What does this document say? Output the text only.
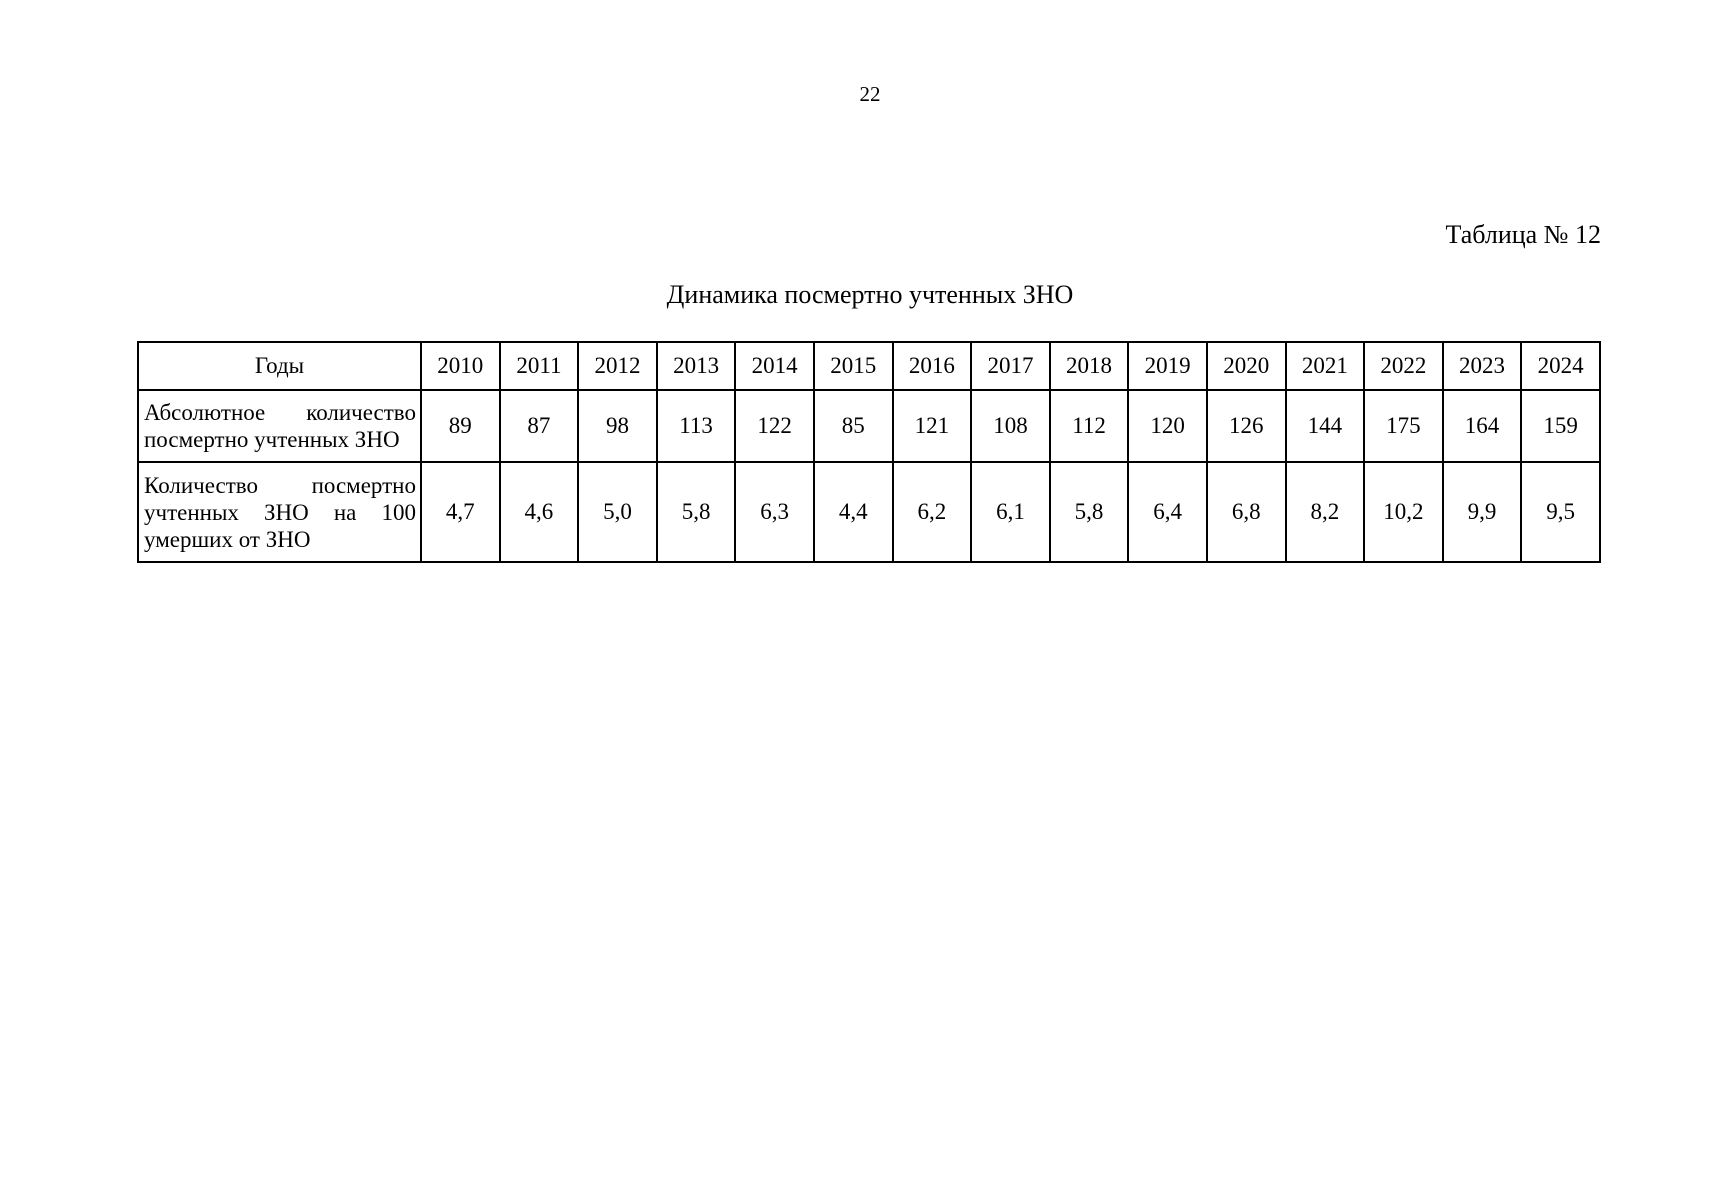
22
Таблица № 12
Динамика посмертно учтенных ЗНО
Годы	2010	2011	2012	2013	2014	2015	2016	2017	2018	2019	2020	2021	2022	2023	2024
Абсолютное количество посмертно учтенных ЗНО	89	87	98	113	122	85	121	108	112	120	126	144	175	164	159
Количество посмертно учтенных ЗНО на 100 умерших от ЗНО	4,7	4,6	5,0	5,8	6,3	4,4	6,2	6,1	5,8	6,4	6,8	8,2	10,2	9,9	9,5
